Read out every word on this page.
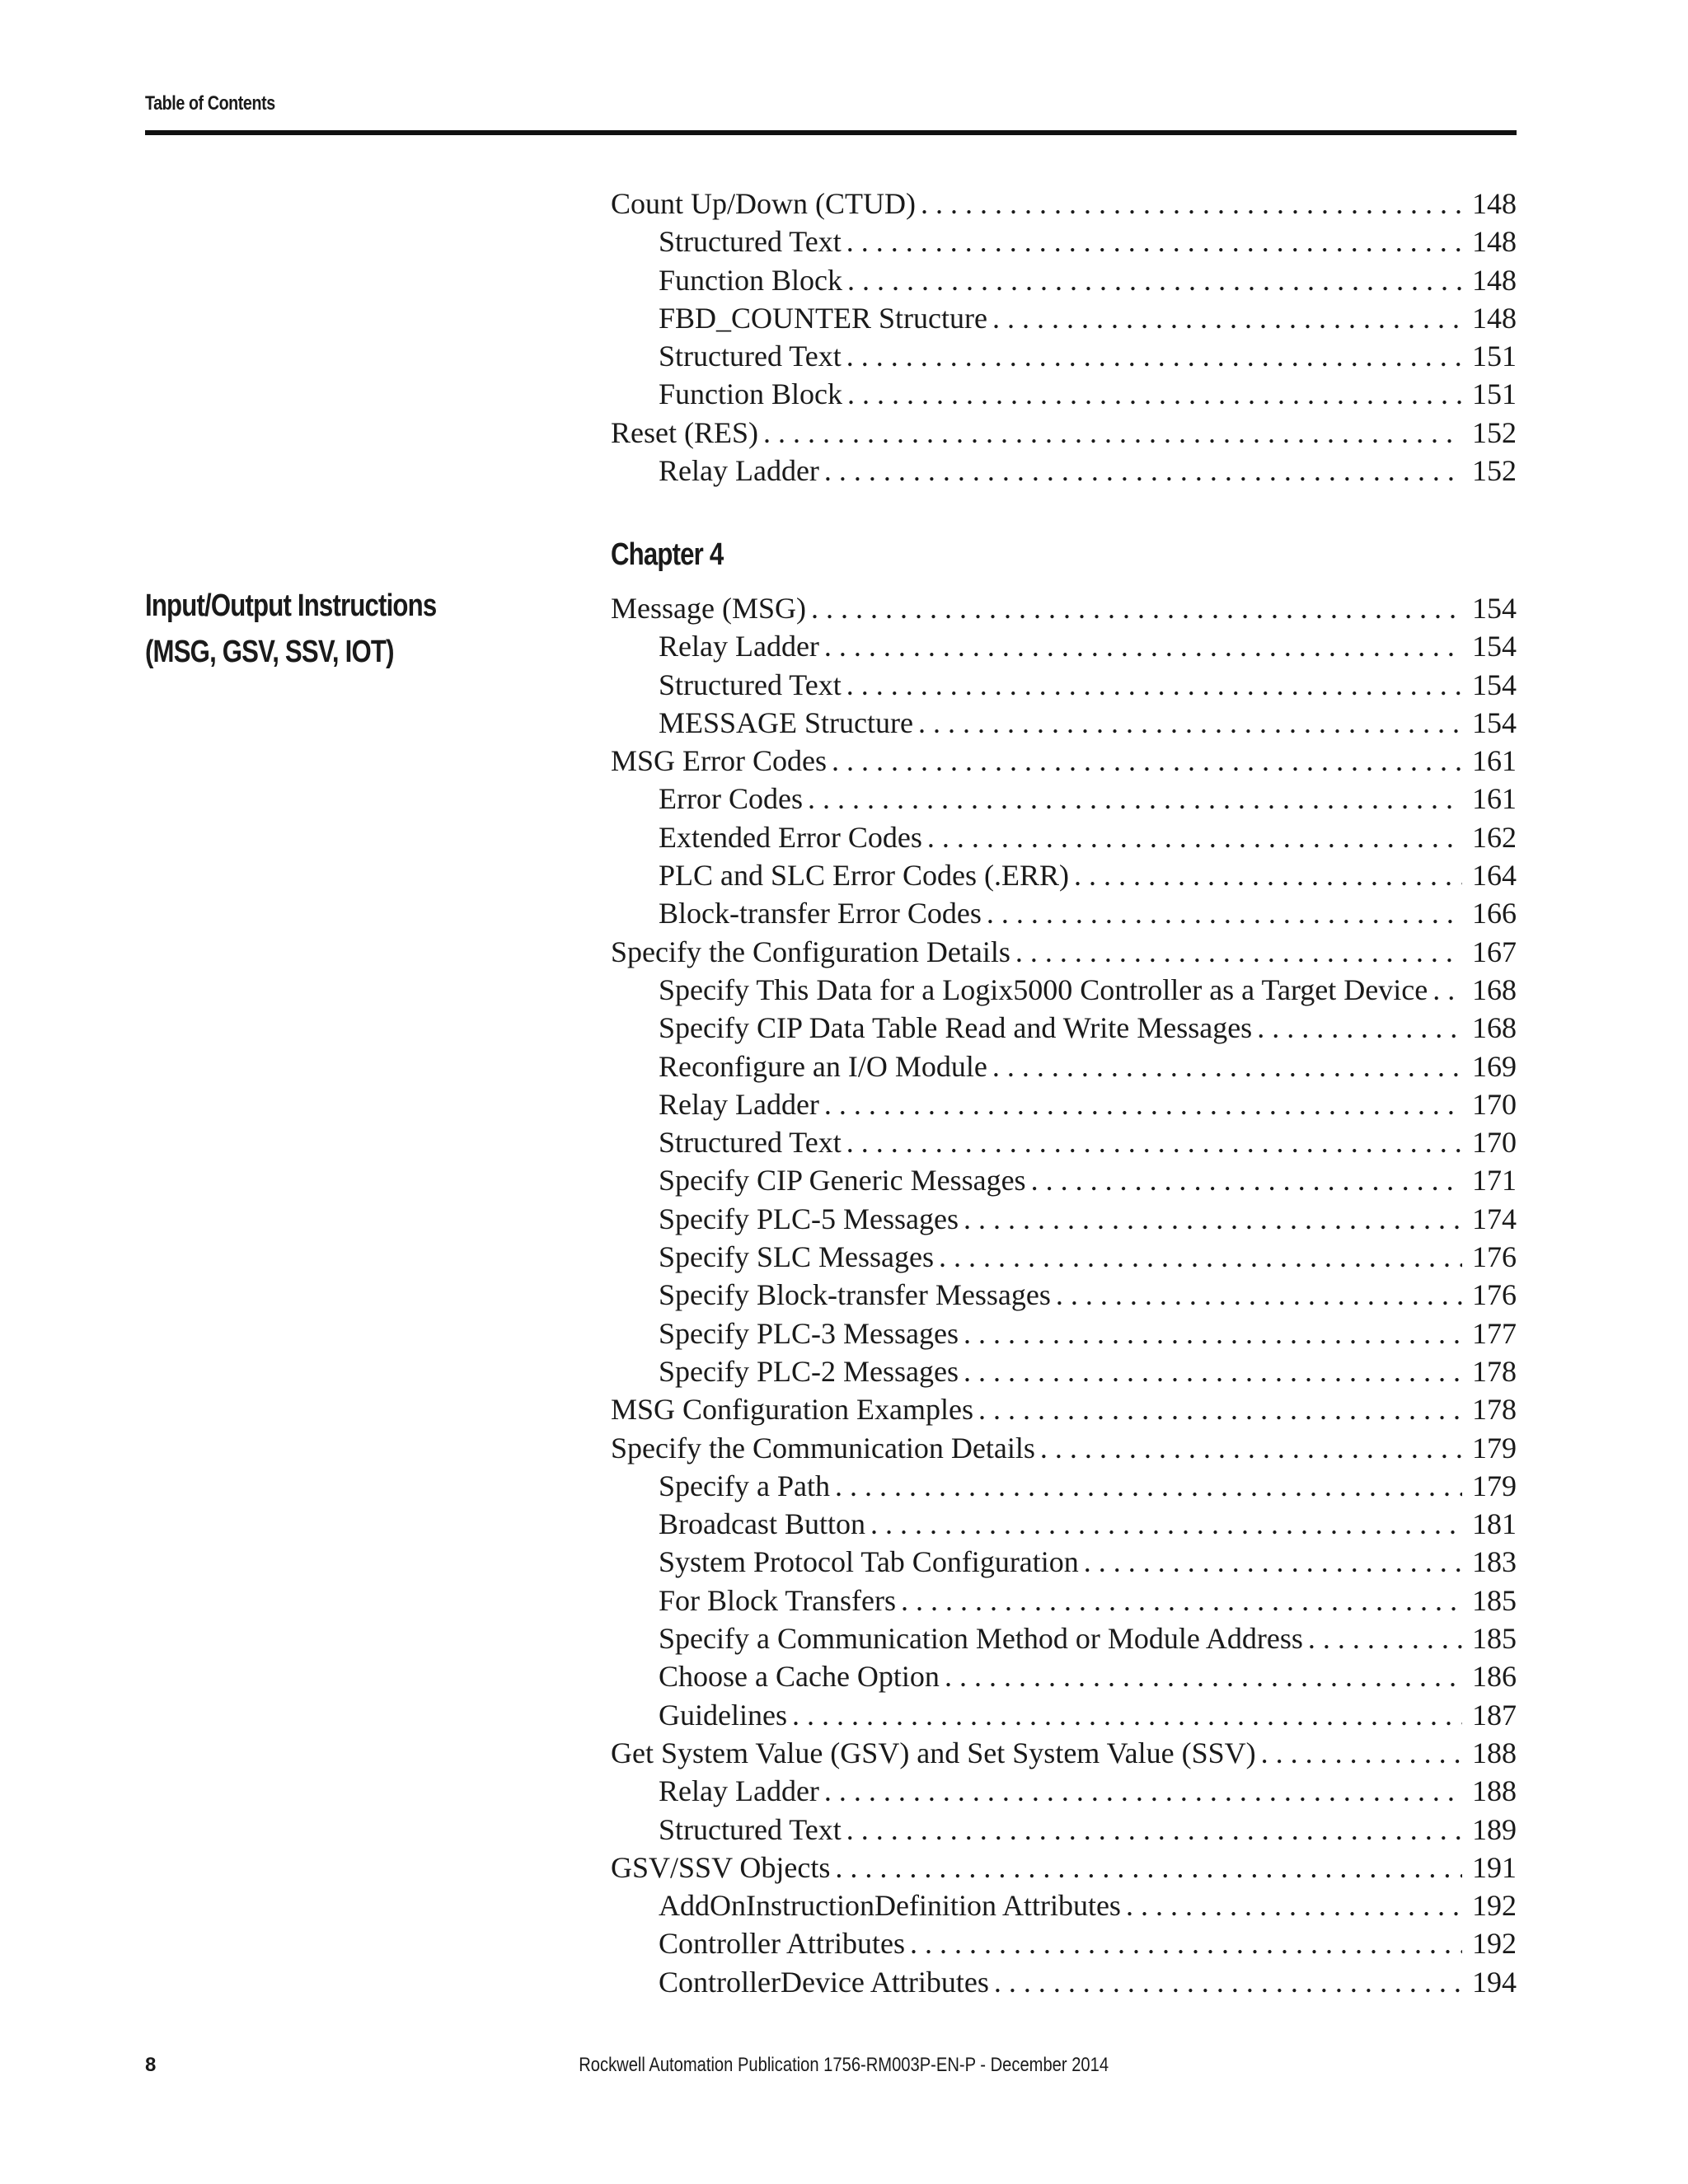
Table of Contents
Count Up/Down (CTUD) . . .	148
Structured Text . . .	148
Function Block . . .	148
FBD_COUNTER Structure . . .	148
Structured Text . . .	151
Function Block . . .	151
Reset (RES) . . .	152
Relay Ladder . . .	152
Chapter 4
Input/Output Instructions
(MSG, GSV, SSV, IOT)
Message (MSG) . . .	154
Relay Ladder . . .	154
Structured Text . . .	154
MESSAGE Structure . . .	154
MSG Error Codes . . .	161
Error Codes . . .	161
Extended Error Codes . . .	162
PLC and SLC Error Codes (.ERR) . . .	164
Block-transfer Error Codes . . .	166
Specify the Configuration Details . . .	167
Specify This Data for a Logix5000 Controller as a Target Device . . . 168
Specify CIP Data Table Read and Write Messages . . .	168
Reconfigure an I/O Module . . .	169
Relay Ladder . . .	170
Structured Text . . .	170
Specify CIP Generic Messages . . .	171
Specify PLC-5 Messages . . .	174
Specify SLC Messages . . .	176
Specify Block-transfer Messages . . .	176
Specify PLC-3 Messages . . .	177
Specify PLC-2 Messages . . .	178
MSG Configuration Examples . . .	178
Specify the Communication Details . . .	179
Specify a Path . . .	179
Broadcast Button . . .	181
System Protocol Tab Configuration . . .	183
For Block Transfers . . .	185
Specify a Communication Method or Module Address . . .	185
Choose a Cache Option . . .	186
Guidelines . . .	187
Get System Value (GSV) and Set System Value (SSV) . . .	188
Relay Ladder . . .	188
Structured Text . . .	189
GSV/SSV Objects . . .	191
AddOnInstructionDefinition Attributes . . .	192
Controller Attributes . . .	192
ControllerDevice Attributes . . .	194
8	Rockwell Automation Publication 1756-RM003P-EN-P - December 2014
